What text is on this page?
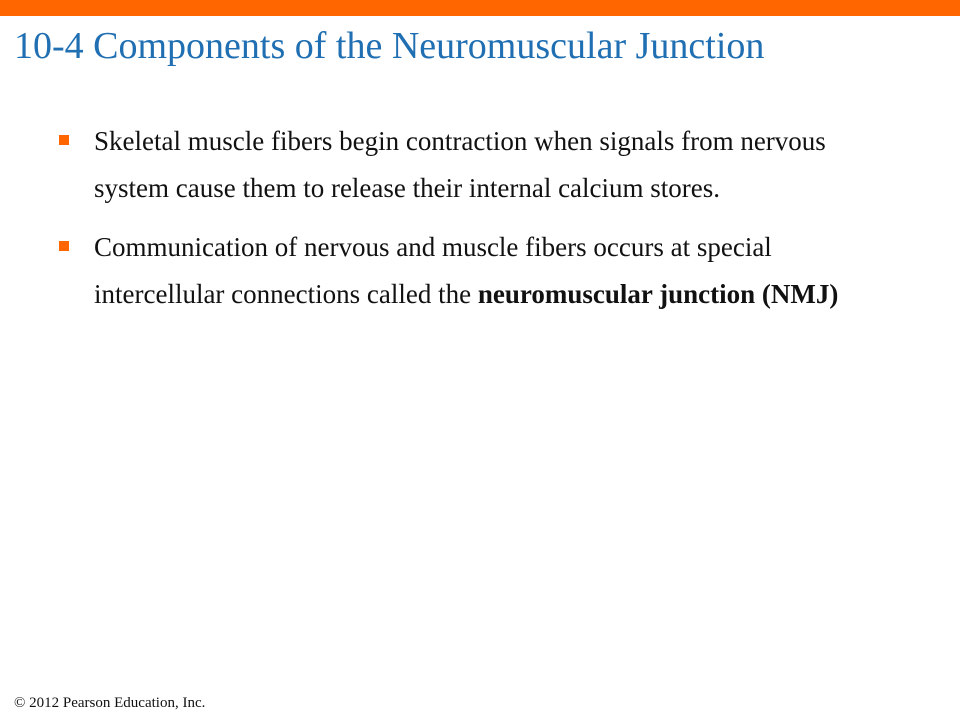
10-4 Components of the Neuromuscular Junction
Skeletal muscle fibers begin contraction when signals from nervous system cause them to release their internal calcium stores.
Communication of nervous and muscle fibers occurs at special intercellular connections called the neuromuscular junction (NMJ)
© 2012 Pearson Education, Inc.
